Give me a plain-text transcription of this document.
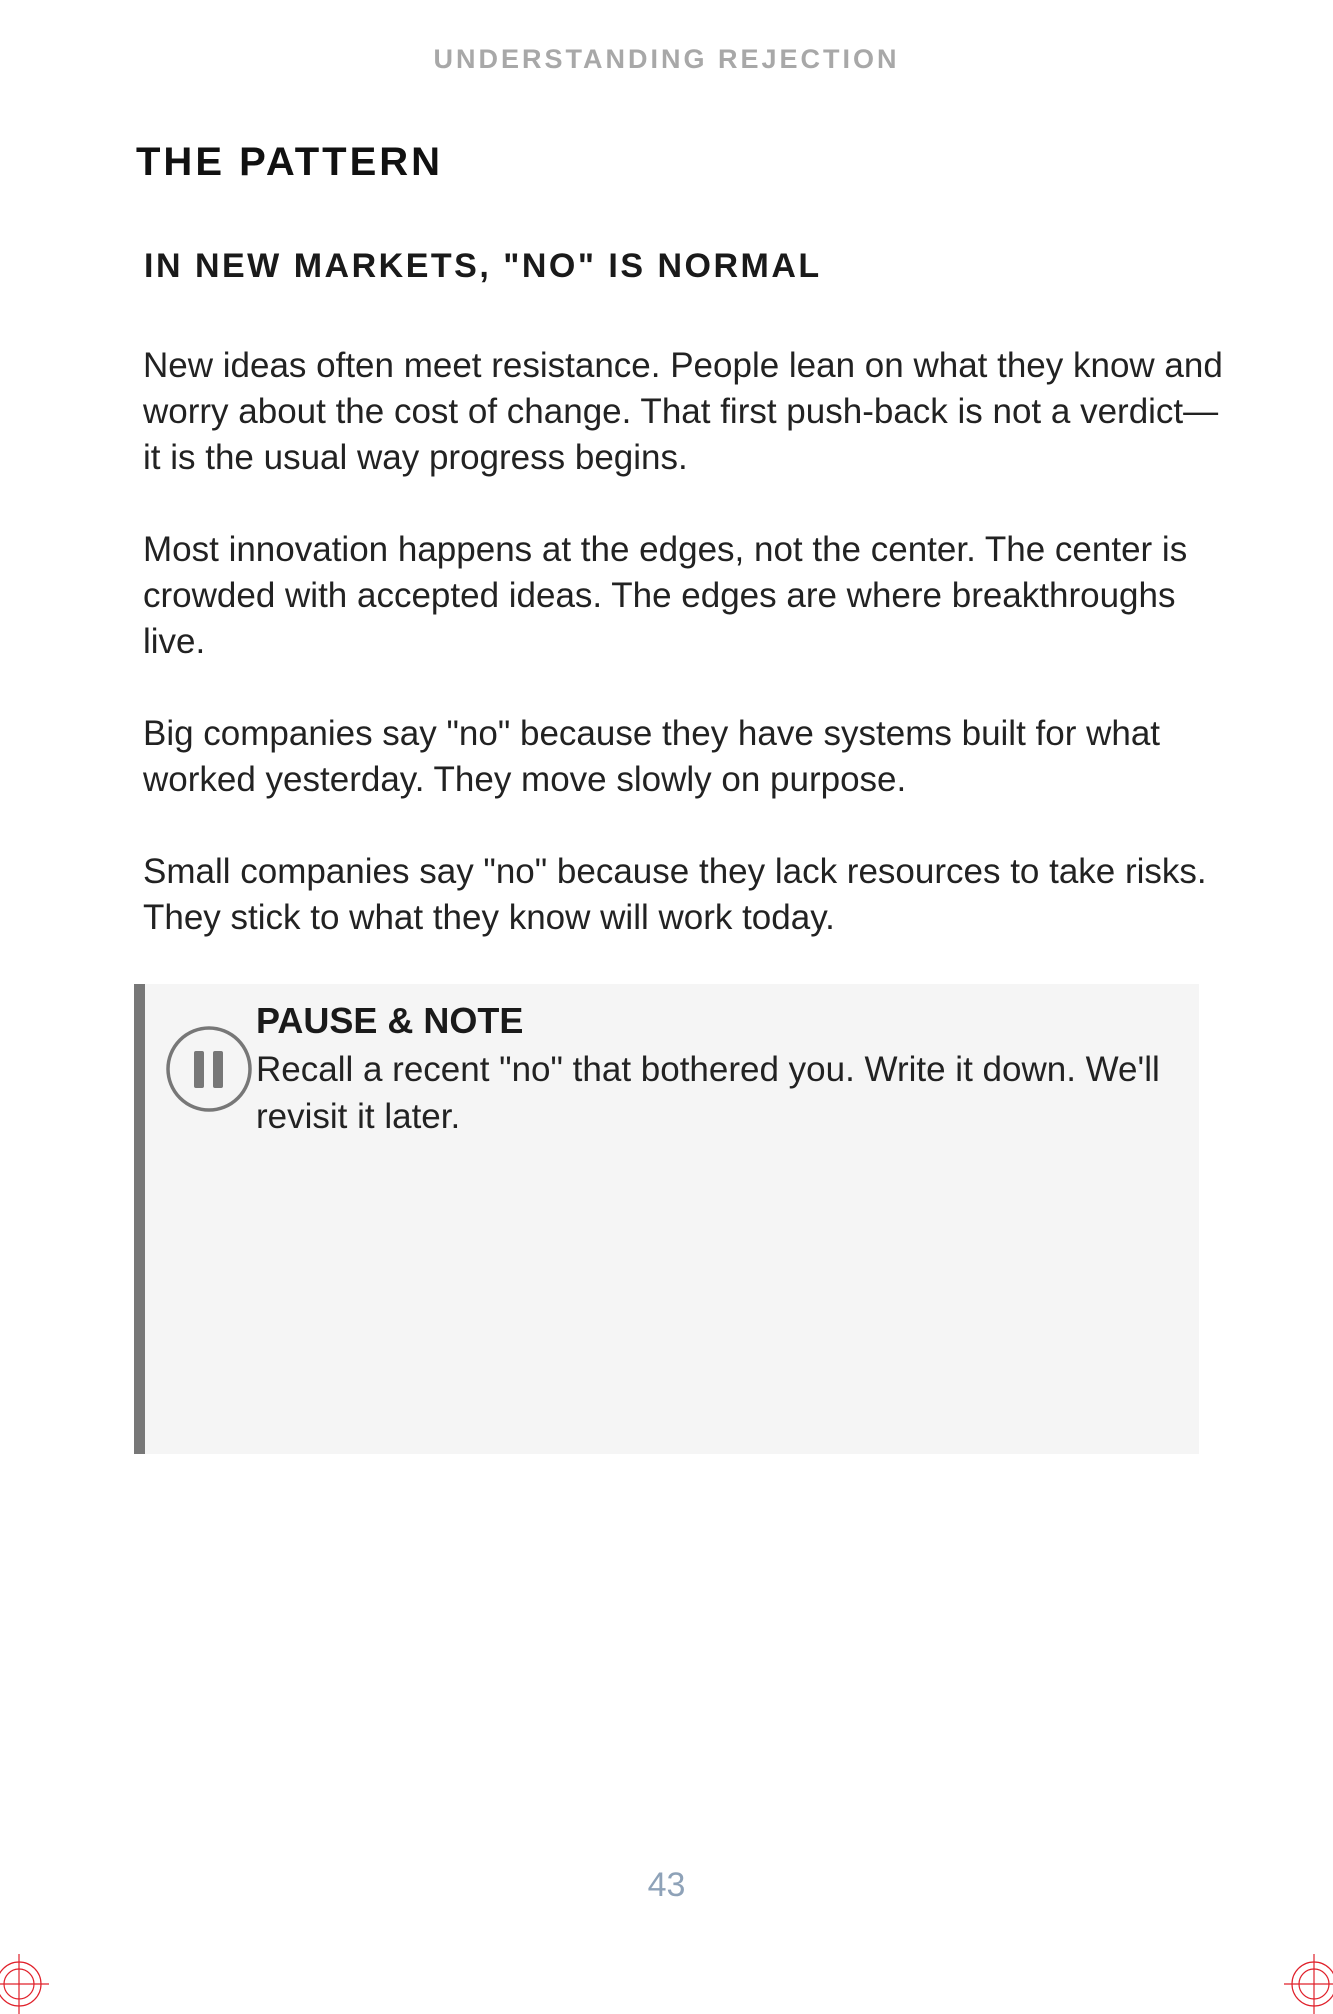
UNDERSTANDING REJECTION
THE PATTERN
IN NEW MARKETS, "NO" IS NORMAL

New ideas often meet resistance. People lean on what they know and worry about the cost of change. That first push-back is not a verdict—it is the usual way progress begins.

Most innovation happens at the edges, not the center. The center is crowded with accepted ideas. The edges are where breakthroughs live.

Big companies say "no" because they have systems built for what worked yesterday. They move slowly on purpose.

Small companies say "no" because they lack resources to take risks. They stick to what they know will work today.

PAUSE & NOTE
Recall a recent "no" that bothered you. Write it down. We'll  revisit it later.
43
